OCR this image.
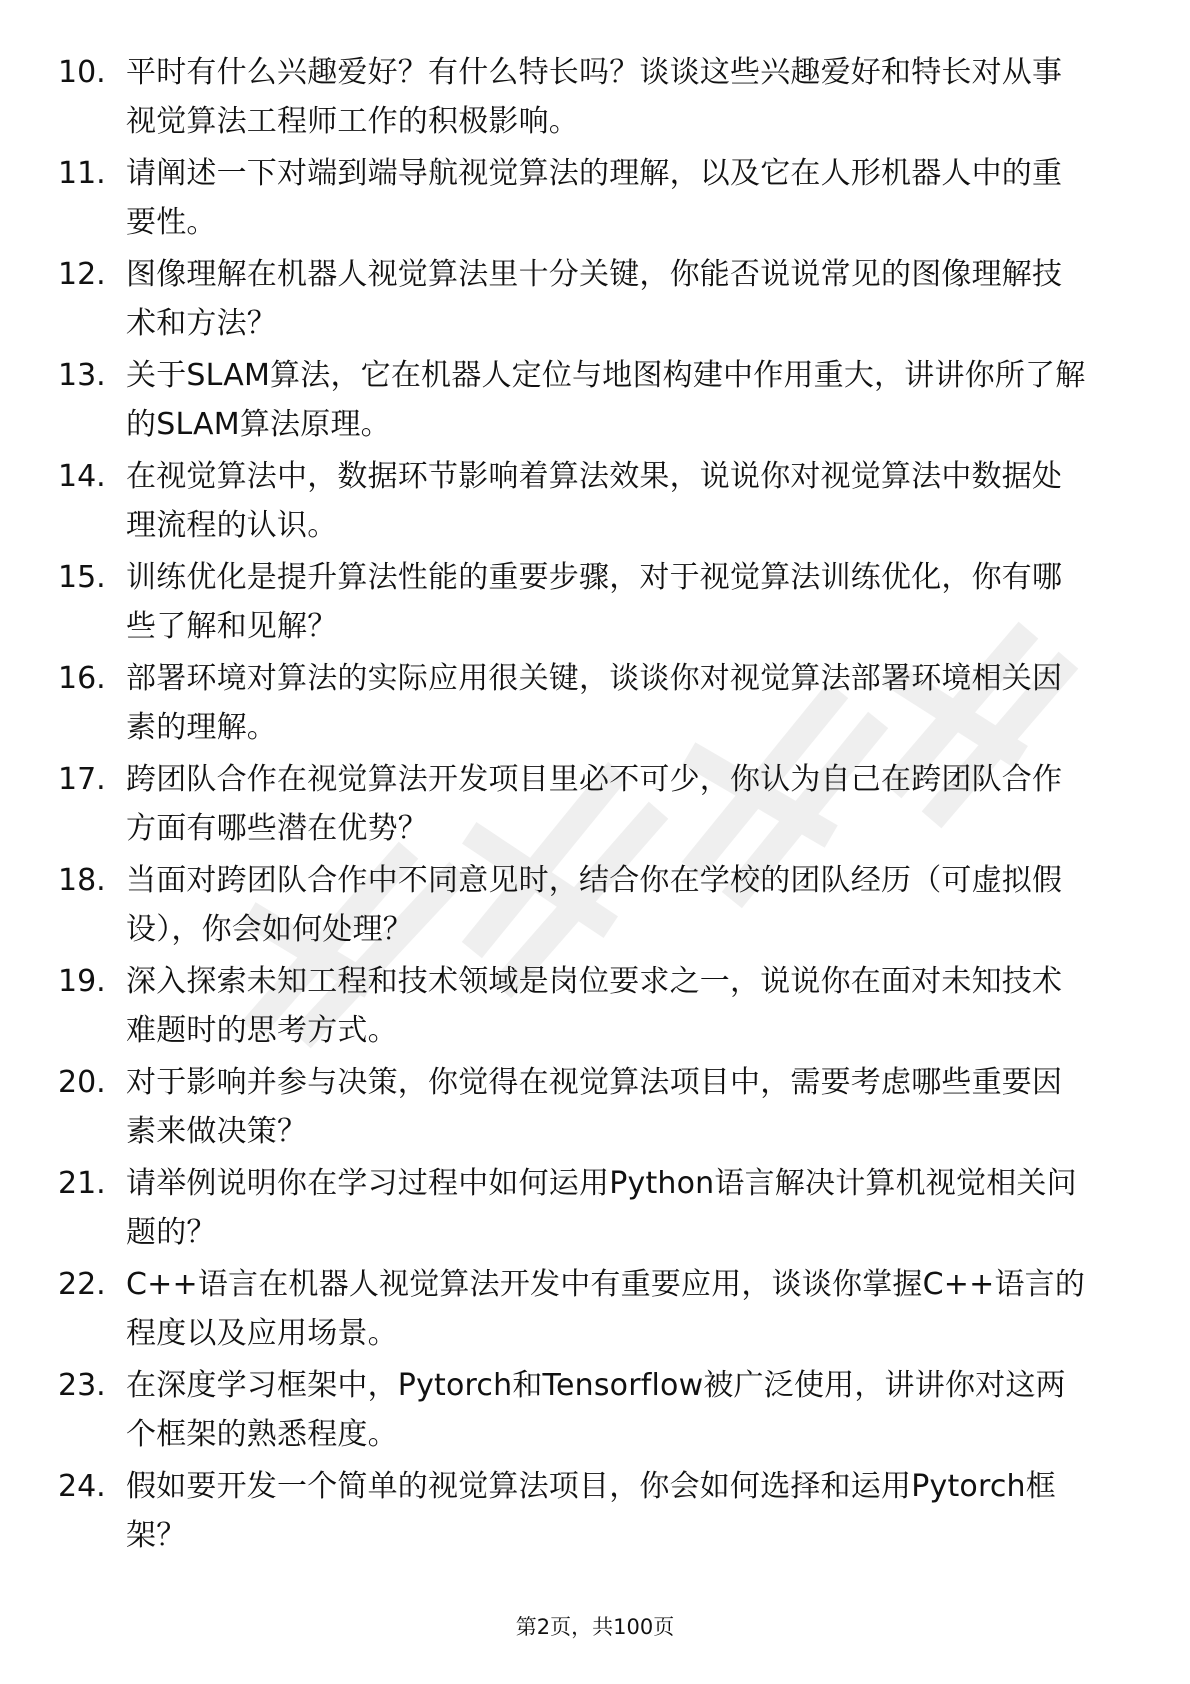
10. 平时有什么兴趣爱好？有什么特长吗？谈谈这些兴趣爱好和特长对从事视觉算法工程师工作的积极影响。
11. 请阐述一下对端到端导航视觉算法的理解，以及它在人形机器人中的重要性。
12. 图像理解在机器人视觉算法里十分关键，你能否说说常见的图像理解技术和方法？
13. 关于SLAM算法，它在机器人定位与地图构建中作用重大，讲讲你所了解的SLAM算法原理。
14. 在视觉算法中，数据环节影响着算法效果，说说你对视觉算法中数据处理流程的认识。
15. 训练优化是提升算法性能的重要步骤，对于视觉算法训练优化，你有哪些了解和见解？
16. 部署环境对算法的实际应用很关键，谈谈你对视觉算法部署环境相关因素的理解。
17. 跨团队合作在视觉算法开发项目里必不可少，你认为自己在跨团队合作方面有哪些潜在优势？
18. 当面对跨团队合作中不同意见时，结合你在学校的团队经历（可虚拟假设），你会如何处理？
19. 深入探索未知工程和技术领域是岗位要求之一，说说你在面对未知技术难题时的思考方式。
20. 对于影响并参与决策，你觉得在视觉算法项目中，需要考虑哪些重要因素来做决策？
21. 请举例说明你在学习过程中如何运用Python语言解决计算机视觉相关问题的？
22. C++语言在机器人视觉算法开发中有重要应用，谈谈你掌握C++语言的程度以及应用场景。
23. 在深度学习框架中，Pytorch和Tensorflow被广泛使用，讲讲你对这两个框架的熟悉程度。
24. 假如要开发一个简单的视觉算法项目，你会如何选择和运用Pytorch框架？
第2页，共100页
